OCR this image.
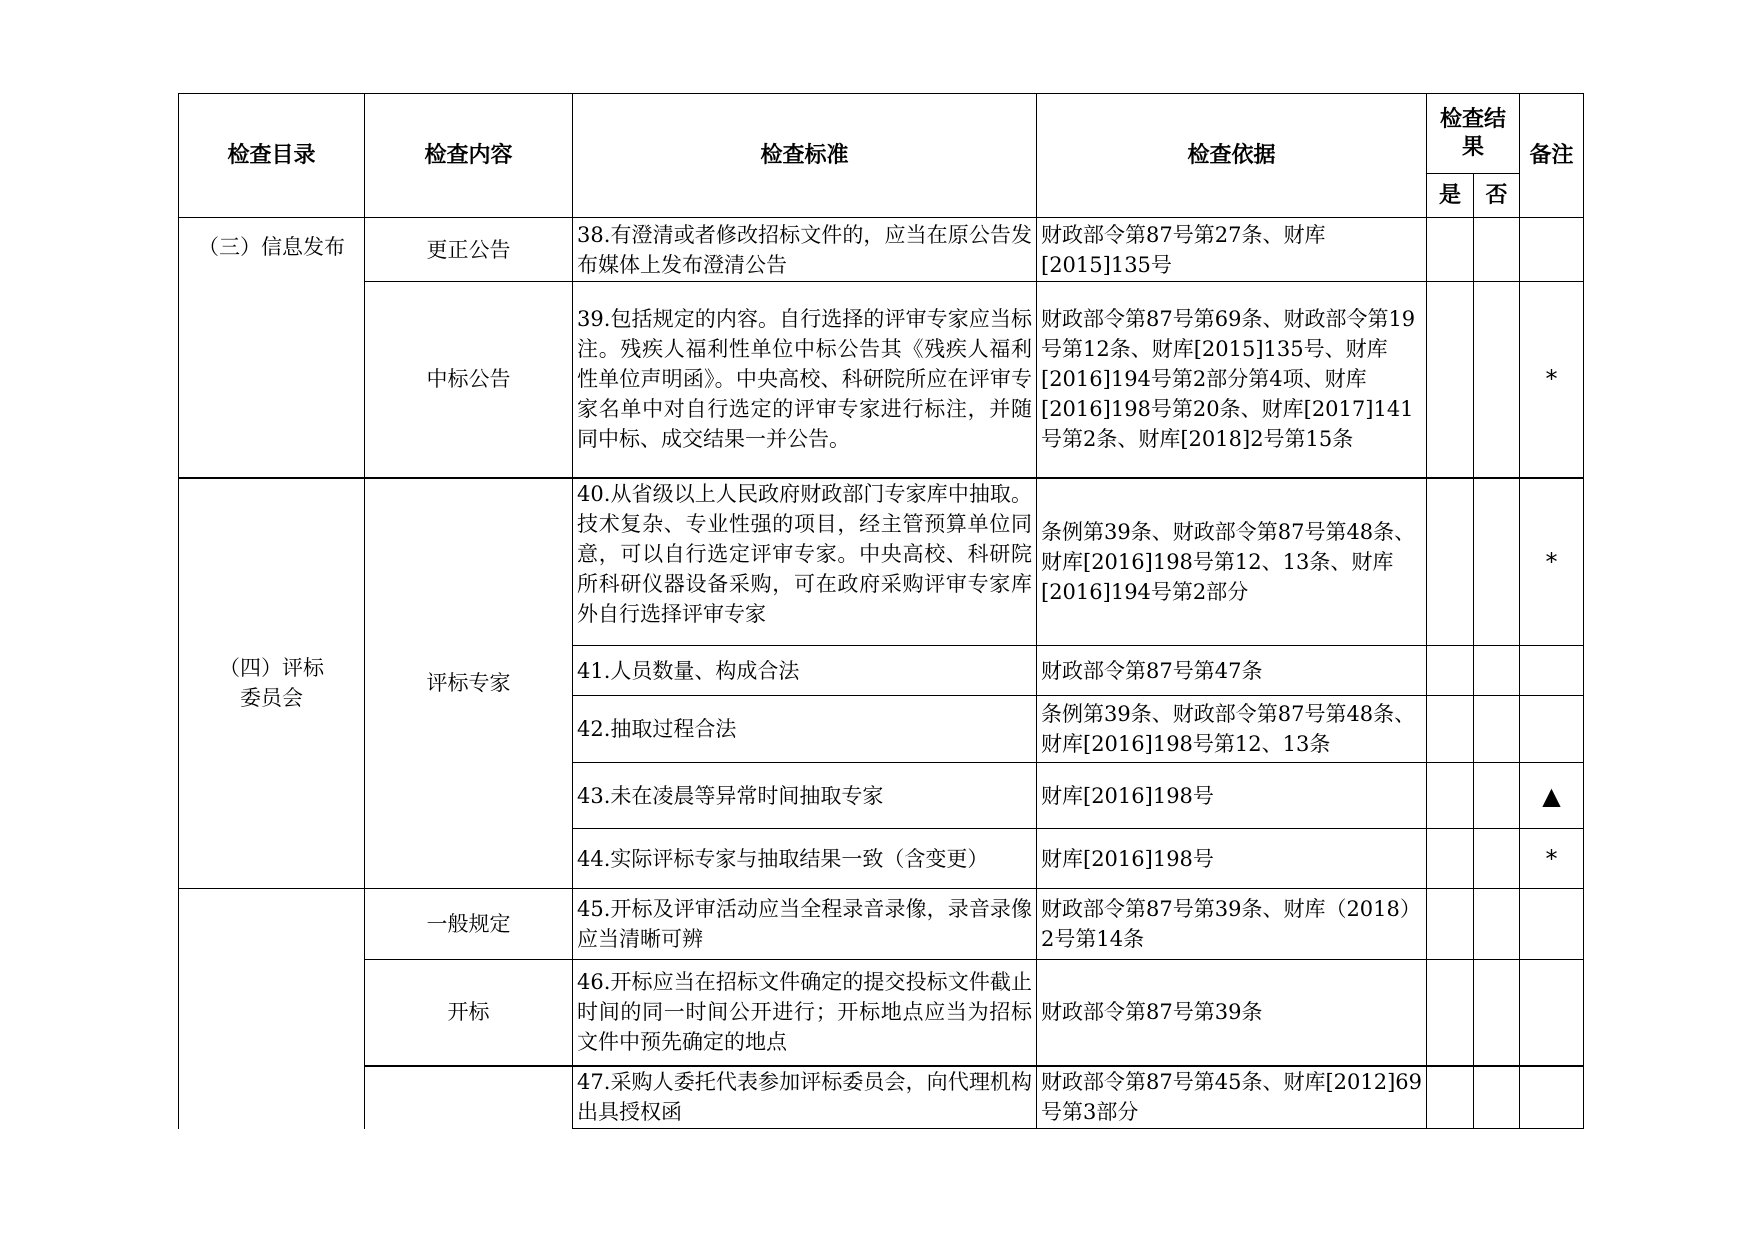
检查目录	检查内容	检查标准	检查依据	检查结果		备注
				是	否	
（三）信息发布	更正公告	38.有澄清或者修改招标文件的，应当在原公告发布媒体上发布澄清公告	财政部令第87号第27条、财库[2015]135号			
	中标公告	39.包括规定的内容。自行选择的评审专家应当标注。残疾人福利性单位中标公告其《残疾人福利性单位声明函》。中央高校、科研院所应在评审专家名单中对自行选定的评审专家进行标注，并随同中标、成交结果一并公告。	财政部令第87号第69条、财政部令第19号第12条、财库[2015]135号、财库[2016]194号第2部分第4项、财库[2016]198号第20条、财库[2017]141号第2条、财库[2018]2号第15条			*
（四）评标委员会	评标专家	40.从省级以上人民政府财政部门专家库中抽取。技术复杂、专业性强的项目，经主管预算单位同意，可以自行选定评审专家。中央高校、科研院所科研仪器设备采购，可在政府采购评审专家库外自行选择评审专家	条例第39条、财政部令第87号第48条、财库[2016]198号第12、13条、财库[2016]194号第2部分			*
		41.人员数量、构成合法	财政部令第87号第47条			
		42.抽取过程合法	条例第39条、财政部令第87号第48条、财库[2016]198号第12、13条			
		43.未在凌晨等异常时间抽取专家	财库[2016]198号			▲
		44.实际评标专家与抽取结果一致（含变更）	财库[2016]198号			*
	一般规定	45.开标及评审活动应当全程录音录像，录音录像应当清晰可辨	财政部令第87号第39条、财库（2018）2号第14条			
	开标	46.开标应当在招标文件确定的提交投标文件截止时间的同一时间公开进行；开标地点应当为招标文件中预先确定的地点	财政部令第87号第39条			
		47.采购人委托代表参加评标委员会，向代理机构出具授权函	财政部令第87号第45条、财库[2012]69号第3部分			
